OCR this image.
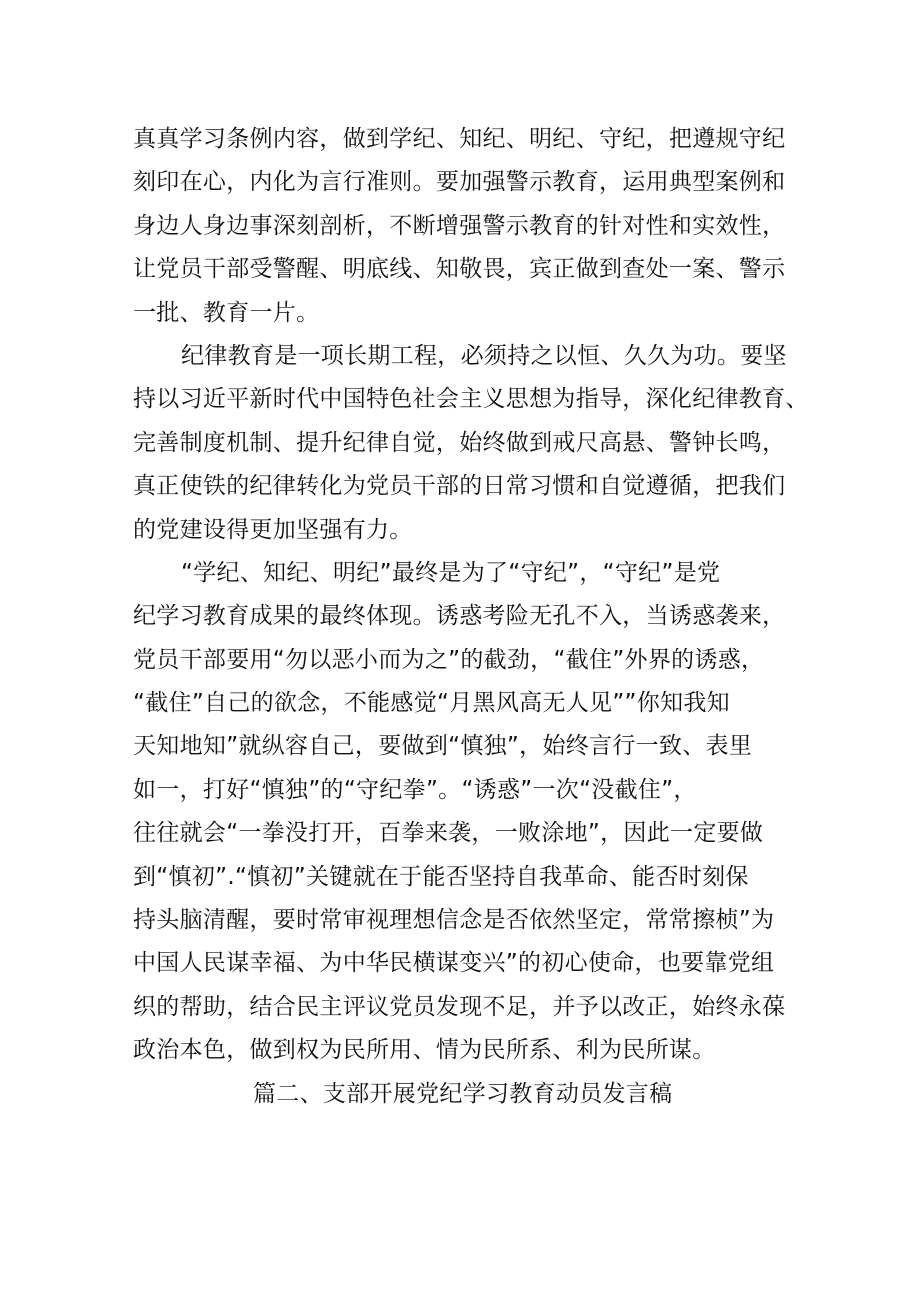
真真学习条例内容，做到学纪、知纪、明纪、守纪，把遵规守纪
刻印在心，内化为言行准则。要加强警示教育，运用典型案例和
身边人身边事深刻剖析，不断增强警示教育的针对性和实效性，
让党员干部受警醒、明底线、知敬畏，宾正做到查处一案、警示
一批、教育一片。
纪律教育是一项长期工程，必须持之以恒、久久为功。要坚
持以习近平新时代中国特色社会主义思想为指导，深化纪律教育、
完善制度机制、提升纪律自觉，始终做到戒尺高悬、警钟长鸣，
真正使铁的纪律转化为党员干部的日常习惯和自觉遵循，把我们
的党建设得更加坚强有力。
“学纪、知纪、明纪”最终是为了“守纪”，“守纪”是党
纪学习教育成果的最终体现。诱惑考险无孔不入，当诱惑袭来，
党员干部要用“勿以恶小而为之”的截劲，“截住”外界的诱惑，
“截住”自己的欲念，不能感觉“月黑风高无人见””你知我知
天知地知”就纵容自己，要做到“慎独”，始终言行一致、表里
如一，打好“慎独”的“守纪拳”。“诱惑”一次“没截住”，
往往就会“一拳没打开，百拳来袭，一败涂地”，因此一定要做
到“慎初”.“慎初”关键就在于能否坚持自我革命、能否时刻保
持头脑清醒，要时常审视理想信念是否依然坚定，常常擦桢”为
中国人民谋幸福、为中华民横谋变兴”的初心使命，也要靠党组
织的帮助，结合民主评议党员发现不足，并予以改正，始终永葆
政治本色，做到权为民所用、情为民所系、利为民所谋。
篇二、支部开展党纪学习教育动员发言稿
